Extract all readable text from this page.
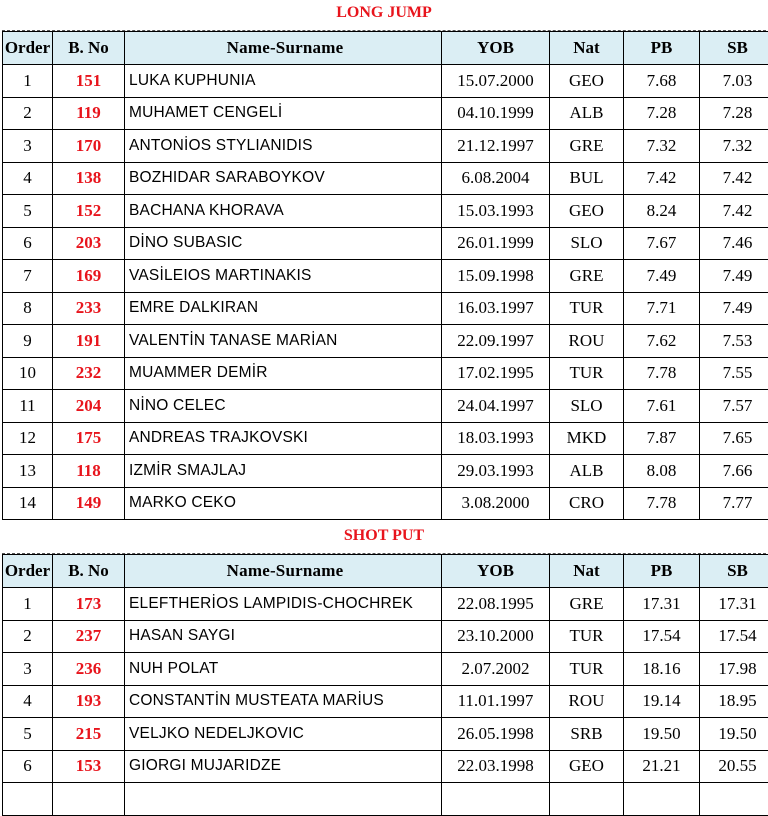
LONG JUMP
Order	B. No	Name-Surname	YOB	Nat	PB	SB
1	151	LUKA KUPHUNIA	15.07.2000	GEO	7.68	7.03
2	119	MUHAMET CENGELİ	04.10.1999	ALB	7.28	7.28
3	170	ANTONİOS STYLIANIDIS	21.12.1997	GRE	7.32	7.32
4	138	BOZHIDAR SARABOYKOV	6.08.2004	BUL	7.42	7.42
5	152	BACHANA KHORAVA	15.03.1993	GEO	8.24	7.42
6	203	DİNO SUBASIC	26.01.1999	SLO	7.67	7.46
7	169	VASİLEIOS MARTINAKIS	15.09.1998	GRE	7.49	7.49
8	233	EMRE DALKIRAN	16.03.1997	TUR	7.71	7.49
9	191	VALENTİN TANASE MARİAN	22.09.1997	ROU	7.62	7.53
10	232	MUAMMER DEMİR	17.02.1995	TUR	7.78	7.55
11	204	NİNO CELEC	24.04.1997	SLO	7.61	7.57
12	175	ANDREAS TRAJKOVSKI	18.03.1993	MKD	7.87	7.65
13	118	IZMİR SMAJLAJ	29.03.1993	ALB	8.08	7.66
14	149	MARKO CEKO	3.08.2000	CRO	7.78	7.77
SHOT PUT
Order	B. No	Name-Surname	YOB	Nat	PB	SB
1	173	ELEFTHERİOS LAMPIDIS-CHOCHREK	22.08.1995	GRE	17.31	17.31
2	237	HASAN SAYGI	23.10.2000	TUR	17.54	17.54
3	236	NUH POLAT	2.07.2002	TUR	18.16	17.98
4	193	CONSTANTİN MUSTEATA MARİUS	11.01.1997	ROU	19.14	18.95
5	215	VELJKO NEDELJKOVIC	26.05.1998	SRB	19.50	19.50
6	153	GIORGI MUJARIDZE	22.03.1998	GEO	21.21	20.55
